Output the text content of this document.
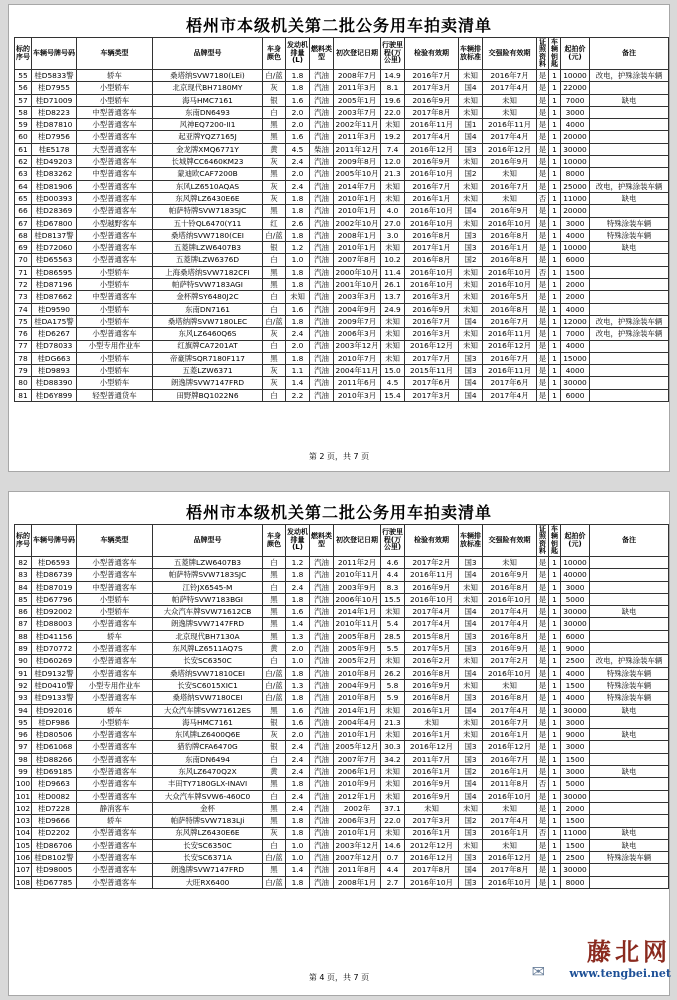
梧州市本级机关第二批公务用车拍卖清单
标的序号	车辆号牌号码	车辆类型	品牌型号	车身颜色	发动机排量(L)	燃料类型	初次登记日期	行驶里程(万公里)	检验有效期	车辆排放标准	交强险有效期	证照资料	车辆钥匙	起拍价(元)	备注
55	桂D5833警	轿车	桑塔纳SVW7180(LEi)	白/蓝	1.8	汽油	2008年7月	14.9	2016年7月	未知	2016年7月	是	1	10000	改电，护殊涂装车辆
56	桂D7955	小型轿车	北京现代BH7180MY	灰	1.8	汽油	2011年3月	8.1	2017年3月	国4	2017年4月	是	1	22000	
57	桂D71009	小型轿车	海马HMC7161	银	1.6	汽油	2005年1月	19.6	2016年9月	未知	未知	是	1	7000	缺电
58	桂D8223	中型普通客车	东南DN6493	白	2.0	汽油	2003年7月	22.0	2017年8月	未知	未知	是	1	3000	
59	桂D87810	小型普通客车	风神EQ7200-II1	黑	2.0	汽油	2002年11月	未知	2016年11月	国1	2016年11月	是	1	4000	
60	桂D7956	小型普通客车	起亚牌YQZ7165J	黑	1.6	汽油	2011年3月	19.2	2017年4月	国4	2017年4月	是	1	20000	
61	桂E5178	大型普通客车	金龙牌XMQ6771Y	黄	4.5	柴油	2011年12月	7.4	2016年12月	国3	2016年12月	是	1	30000	
62	桂D49203	小型普通客车	长城牌CC6460KM23	灰	2.4	汽油	2009年8月	12.0	2016年9月	未知	2016年9月	是	1	10000	
63	桂D83262	中型普通客车	蒙迪欧CAF7200B	黑	2.0	汽油	2005年10月	21.3	2016年10月	国2	未知	是	1	8000	
64	桂D81906	小型普通客车	东风LZ6510AQAS	灰	2.4	汽油	2014年7月	未知	2016年7月	未知	2016年7月	是	1	25000	改电，护殊涂装车辆
65	桂D00393	小型普通客车	东风牌LZ6430E6E	灰	1.8	汽油	2010年1月	未知	2016年1月	未知	未知	否	1	11000	缺电
66	桂D28369	小型普通客车	帕萨特牌SVW7183SJC	黑	1.8	汽油	2010年1月	4.0	2016年10月	国4	2016年9月	是	1	20000	
67	桂D67800	小型越野客车	五十铃QL6470(Y11	红	2.6	汽油	2002年10月	27.0	2016年10月	未知	2016年10月	是	1	3000	特殊涂装车辆
68	桂D8137警	小型普通客车	桑塔纳SVW7180(CEI	白/蓝	1.8	汽油	2008年1月	3.0	2016年8月	国3	2016年8月	是	1	4000	特殊涂装车辆
69	桂D72060	小型普通客车	五菱牌LZW6407B3	银	1.2	汽油	2010年1月	未知	2017年1月	国3	2016年1月	是	1	10000	缺电
70	桂D65563	小型普通客车	五菱牌LZW6376D	白	1.0	汽油	2007年8月	10.2	2016年8月	国2	2016年8月	是	1	6000	
71	桂D86595	小型轿车	上海桑塔纳SVW7182CFI	黑	1.8	汽油	2000年10月	11.4	2016年10月	未知	2016年10月	否	1	1500	
72	桂D87196	小型轿车	帕萨特SVW7183AGI	黑	1.8	汽油	2001年10月	26.1	2016年10月	未知	2016年10月	是	1	2000	
73	桂D87662	中型普通客车	金杯牌SY6480J2C	白	未知	汽油	2003年3月	13.7	2016年3月	未知	2016年5月	是	1	2000	
74	桂D9590	小型轿车	东南DN7161	白	1.6	汽油	2004年9月	24.9	2016年9月	未知	2016年8月	是	1	4000	
75	桂DA175警	小型轿车	桑塔纳牌SVW7180LEC	白/蓝	1.8	汽油	2009年7月	未知	2016年7月	国4	2016年7月	是	1	12000	改电，护殊涂装车辆
76	桂D6267	小型普通客车	东风LZ6460Q6S	灰	2.4	汽油	2006年3月	未知	2016年3月	未知	2016年11月	是	1	7000	改电，护殊涂装车辆
77	桂D78033	小型专用作业车	红旗牌CA7201AT	白	2.0	汽油	2003年12月	未知	2016年12月	未知	2016年12月	是	1	4000	
78	桂DG663	小型轿车	帝豪牌SQR7180F117	黑	1.8	汽油	2010年7月	未知	2017年7月	国3	2016年7月	是	1	15000	
79	桂D9893	小型轿车	五菱LZW6371	灰	1.1	汽油	2004年11月	15.0	2015年11月	国3	2016年11月	是	1	4000	
80	桂D88390	小型轿车	朗逸牌SVW7147FRD	灰	1.4	汽油	2011年6月	4.5	2017年6月	国4	2017年6月	是	1	30000	
81	桂D6Y899	轻型普通货车	田野牌BQ1022N6	白	2.2	汽油	2010年3月	15.4	2017年3月	国4	2017年4月	是	1	6000	
第 2 页，共 7 页
梧州市本级机关第二批公务用车拍卖清单
标的序号	车辆号牌号码	车辆类型	品牌型号	车身颜色	发动机排量(L)	燃料类型	初次登记日期	行驶里程(万公里)	检验有效期	车辆排放标准	交强险有效期	证照资料	车辆钥匙	起拍价(元)	备注
82	桂D6593	小型普通客车	五菱牌LZW6407B3	白	1.2	汽油	2011年2月	4.6	2017年2月	国3	未知	是	1	10000	
83	桂D86739	小型普通客车	帕萨特牌SVW7183SJC	黑	1.8	汽油	2010年11月	4.4	2016年11月	国4	2016年9月	是	1	40000	
84	桂D87019	中型普通客车	江铃JX6545-M	白	2.4	汽油	2003年9月	8.3	2016年9月	未知	2016年8月	是	1	3000	
85	桂D67796	小型轿车	帕萨特SVW7183BGI	黑	1.8	汽油	2006年10月	15.5	2016年10月	未知	2016年10月	是	1	5000	
86	桂D92002	小型轿车	大众汽车牌SVW71612CB	黑	1.6	汽油	2014年1月	未知	2017年4月	国4	2017年4月	是	1	30000	缺电
87	桂D88003	小型普通客车	朗逸牌SVW7147FRD	黑	1.4	汽油	2010年11月	5.4	2017年4月	国4	2017年4月	是	1	30000	
88	桂D41156	轿车	北京现代BH7130A	黑	1.3	汽油	2005年8月	28.5	2015年8月	国3	2016年8月	是	1	6000	
89	桂D70772	小型普通客车	东风牌LZ6511AQ7S	黄	2.0	汽油	2005年9月	5.5	2017年5月	国3	2016年9月	是	1	9000	
90	桂D60269	小型普通客车	长安SC6350C	白	1.0	汽油	2005年2月	未知	2016年2月	未知	2017年2月	是	1	2500	改电，护殊涂装车辆
91	桂D9132警	小型普通客车	桑塔纳SVW71810CEI	白/蓝	1.8	汽油	2010年8月	26.2	2016年8月	国4	2016年10月	是	1	4000	特殊涂装车辆
92	桂D0410警	小型专用作业车	长安SC6015XIC1	白/蓝	1.3	汽油	2004年9月	5.8	2016年9月	未知	未知	是	1	1500	特殊涂装车辆
93	桂D9133警	小型普通客车	桑塔纳SVW7180CEI	白/蓝	1.8	汽油	2010年8月	5.9	2016年8月	国3	2016年8月	是	1	4000	特殊涂装车辆
94	桂D92016	轿车	大众汽车牌SVW71612ES	黑	1.6	汽油	2014年1月	未知	2016年1月	国4	2017年4月	是	1	30000	缺电
95	桂DF986	小型轿车	海马HMC7161	银	1.6	汽油	2004年4月	21.3	未知	未知	2016年7月	是	1	3000	
96	桂D80506	小型普通客车	东风牌LZ6400Q6E	灰	2.0	汽油	2010年1月	未知	2016年1月	未知	2016年1月	是	1	9000	缺电
97	桂D61068	小型普通客车	猎豹牌CFA6470G	银	2.4	汽油	2005年12月	30.3	2016年12月	国3	2016年12月	是	1	3000	
98	桂D88266	小型普通客车	东南DN6494	白	2.4	汽油	2007年7月	34.2	2011年7月	国3	2016年7月	是	1	1500	
99	桂D69185	小型普通客车	东风LZ6470Q2X	黄	2.4	汽油	2006年1月	未知	2016年1月	国2	2016年1月	是	1	3000	缺电
100	桂D9663	小型普通客车	丰田TY7180GLX-INAVI	黑	1.8	汽油	2010年9月	未知	2016年9月	国4	2011年8月	否	1	5000	
101	桂D0082	小型普通客车	大众汽车牌SVW6-460C0	白	2.4	汽油	2012年1月	未知	2016年9月	国4	2016年10月	是	1	30000	
102	桂D7228	静消客车	金杯	黑	2.4	汽油	2002年	37.1	未知	未知	未知	是	1	2000	
103	桂D9666	轿车	帕萨特牌SVW7183LJi	黑	1.8	汽油	2006年3月	22.0	2017年3月	国2	2017年4月	是	1	1500	
104	桂D2202	小型普通客车	东风牌LZ6430E6E	灰	1.8	汽油	2010年1月	未知	2016年1月	国3	2016年1月	否	1	11000	缺电
105	桂D86706	小型普通客车	长安SC6350C	白	1.0	汽油	2003年12月	14.6	2012年12月	未知	未知	是	1	1500	缺电
106	桂D8102警	小型普通客车	长安SC6371A	白/蓝	1.0	汽油	2007年12月	0.7	2016年12月	国3	2016年12月	是	1	2500	特殊涂装车辆
107	桂D98005	小型普通客车	朗逸牌SVW7147FRD	黑	1.4	汽油	2011年8月	4.4	2017年8月	国4	2017年8月	是	1	30000	
108	桂D67785	小型普通客车	大旺RX6400	白/蓝	1.8	汽油	2008年1月	2.7	2016年10月	国3	2016年10月	是	1	8000	
第 4 页，共 7 页	✉
藤北网
www.tengbei.net
